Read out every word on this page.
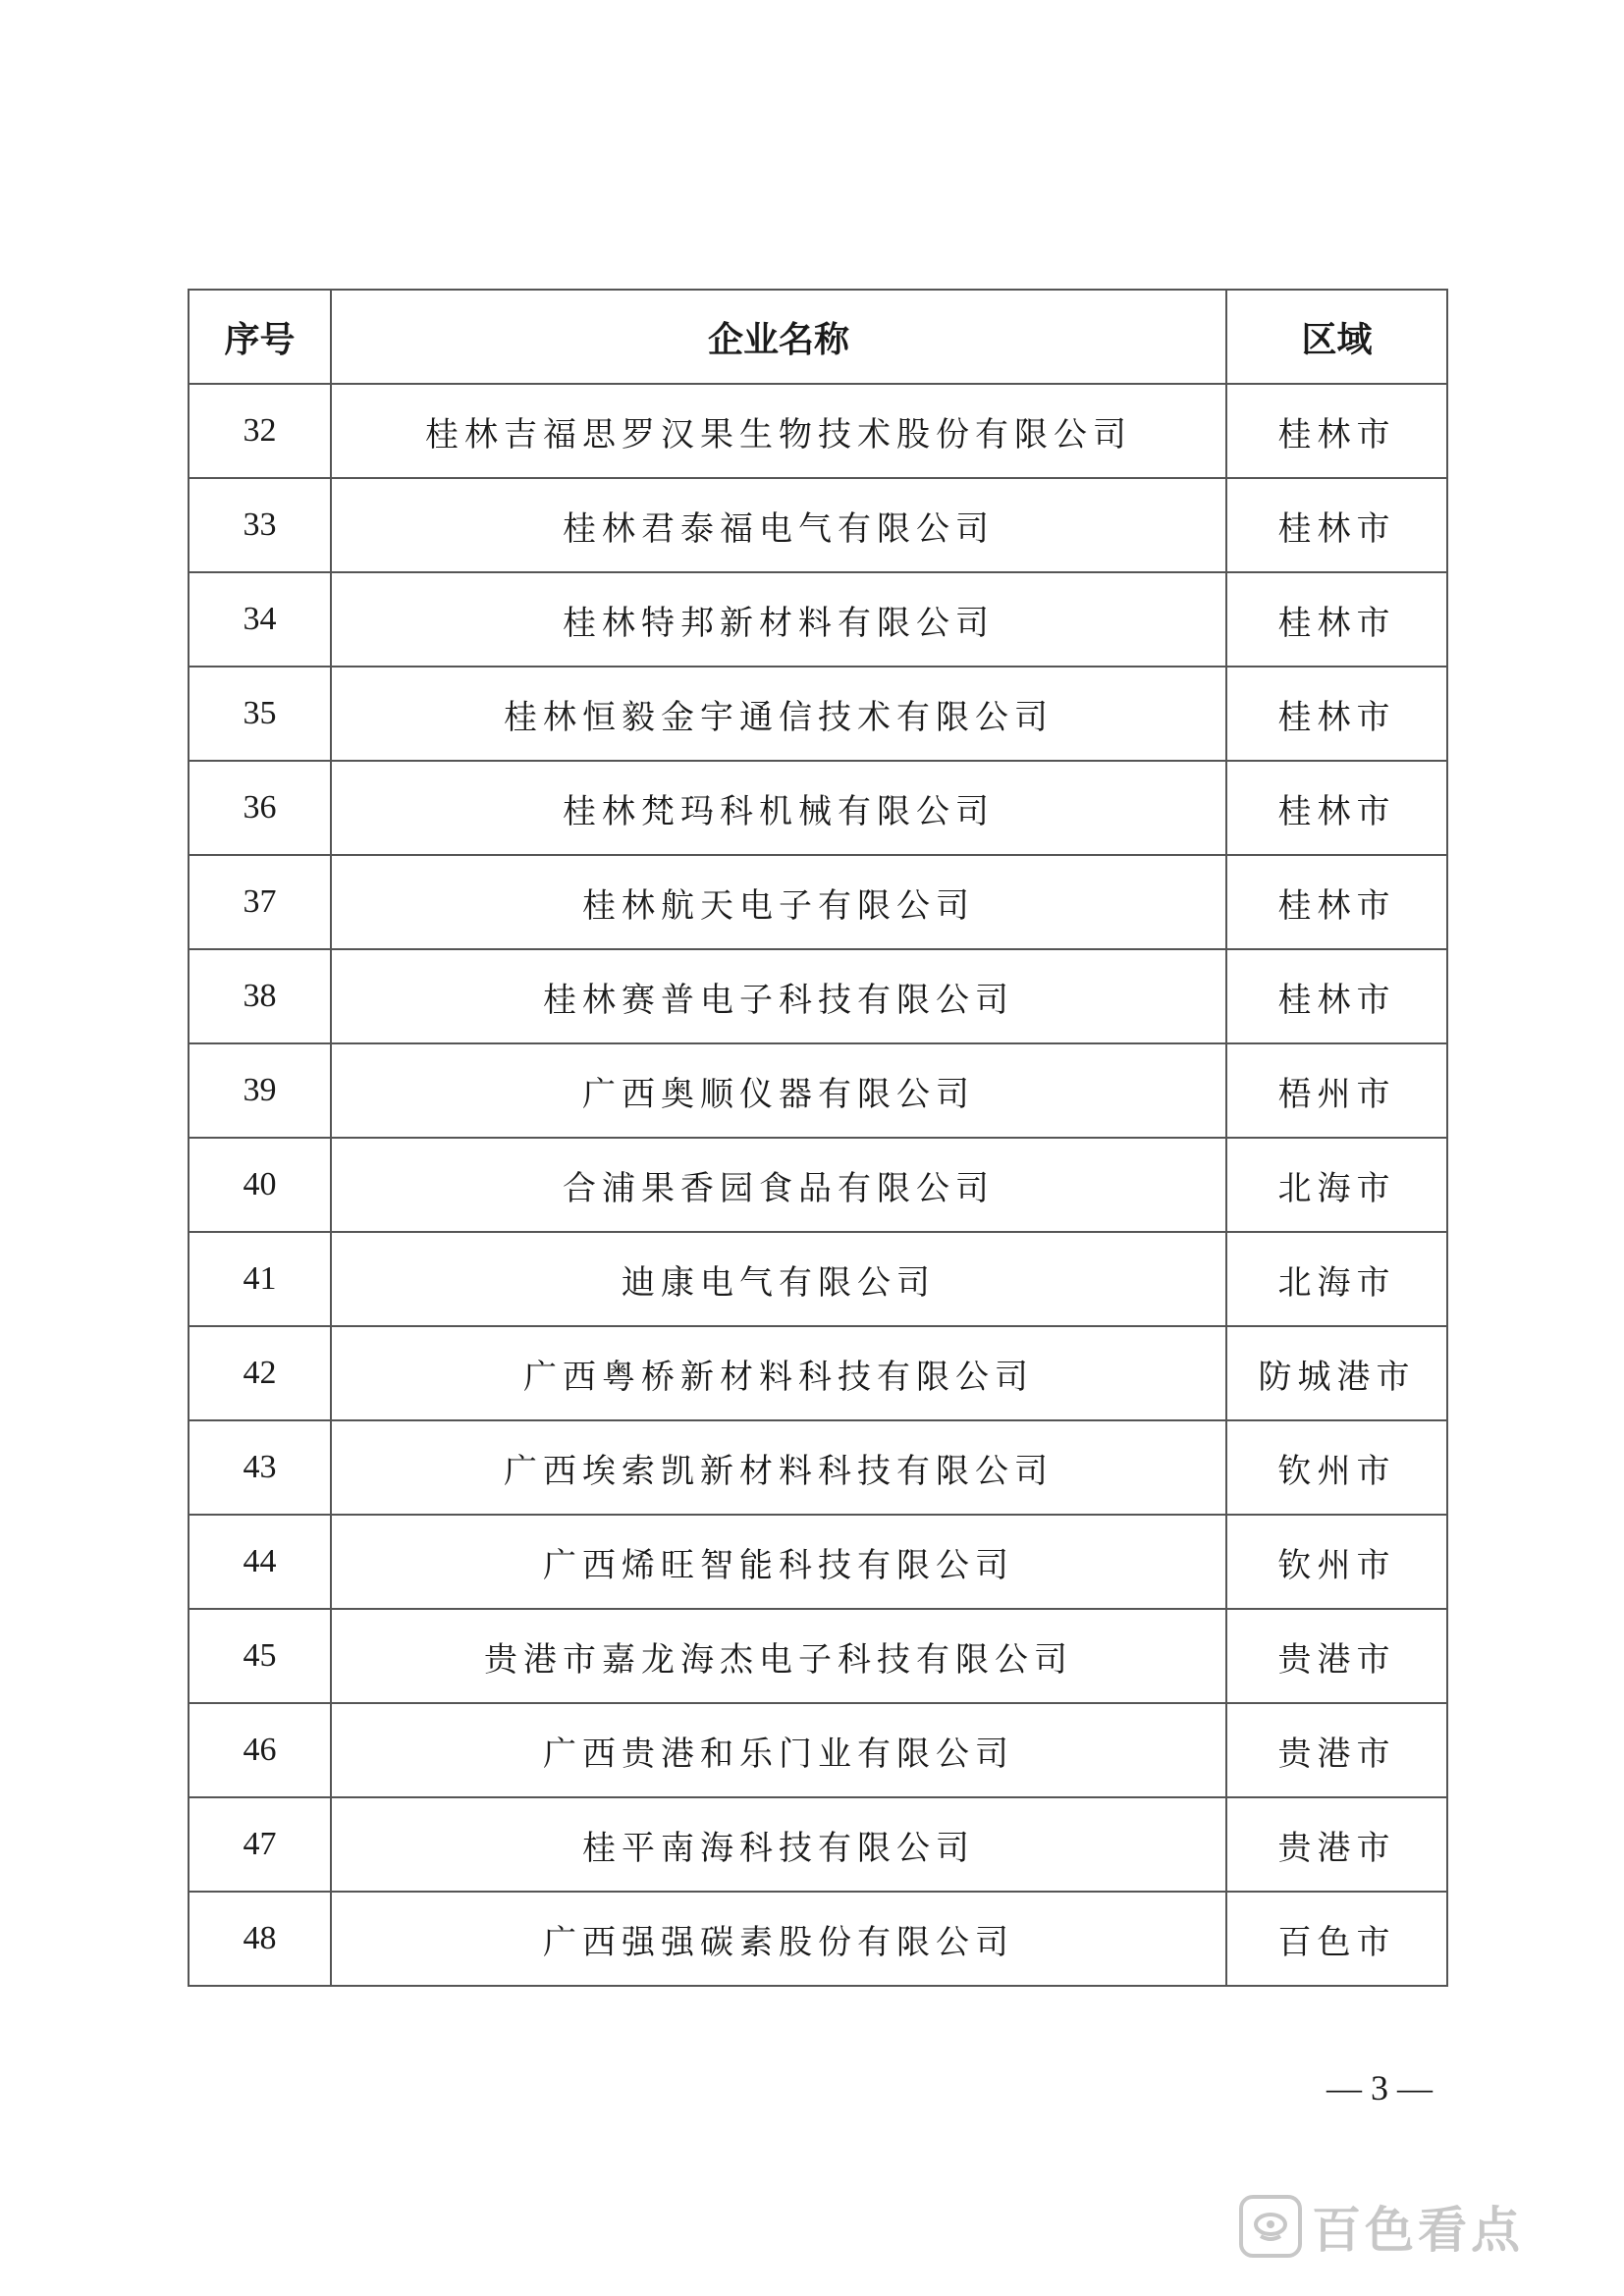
序号	企业名称	区域
32	桂林吉福思罗汉果生物技术股份有限公司	桂林市
33	桂林君泰福电气有限公司	桂林市
34	桂林特邦新材料有限公司	桂林市
35	桂林恒毅金宇通信技术有限公司	桂林市
36	桂林梵玛科机械有限公司	桂林市
37	桂林航天电子有限公司	桂林市
38	桂林赛普电子科技有限公司	桂林市
39	广西奥顺仪器有限公司	梧州市
40	合浦果香园食品有限公司	北海市
41	迪康电气有限公司	北海市
42	广西粤桥新材料科技有限公司	防城港市
43	广西埃索凯新材料科技有限公司	钦州市
44	广西烯旺智能科技有限公司	钦州市
45	贵港市嘉龙海杰电子科技有限公司	贵港市
46	广西贵港和乐门业有限公司	贵港市
47	桂平南海科技有限公司	贵港市
48	广西强强碳素股份有限公司	百色市
— 3 —
百色看点
